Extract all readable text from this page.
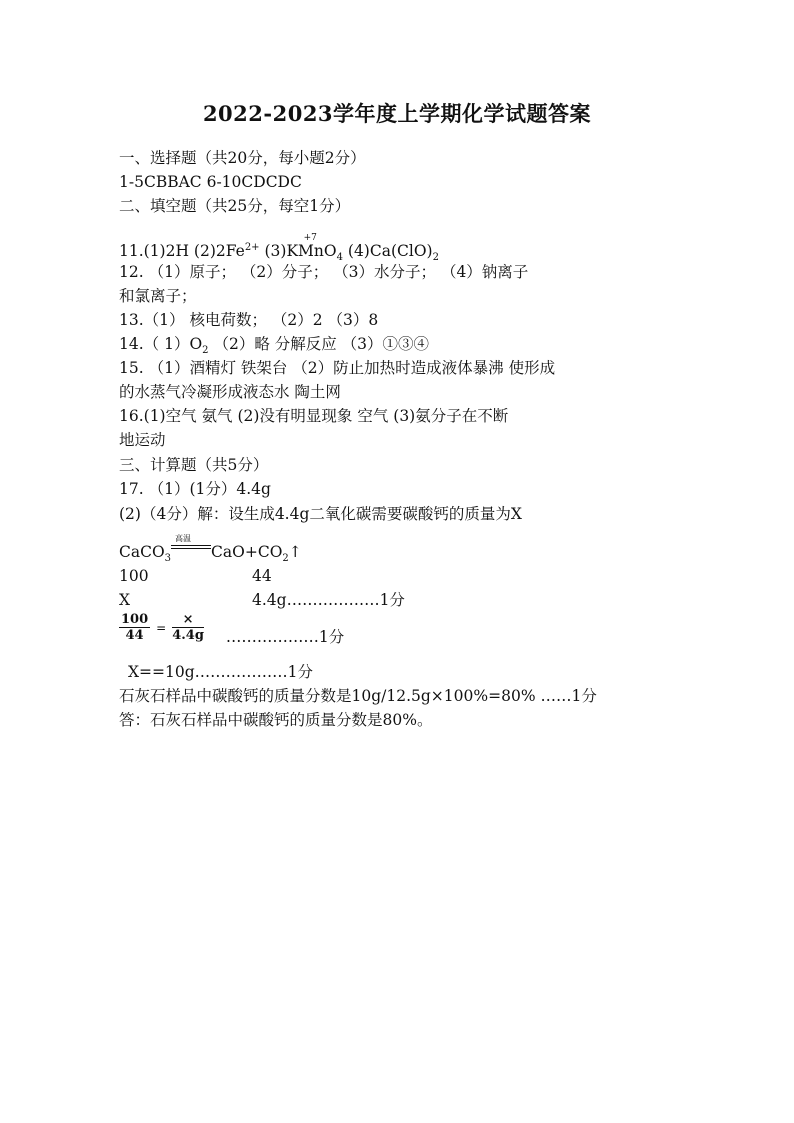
2022-2023学年度上学期化学试题答案
一、选择题（共20分，每小题2分）
1-5CBBAC 6-10CDCDC
二、填空题（共25分，每空1分）
11.(1)2H $(2)2Fe^{2+}$ (3)KMnO
+7
$_4$ $(4)Ca(ClO)_2$
12. （1）原子； （2）分子； （3）水分子； （4）钠离子
和氯离子；
13.（1） 核电荷数； （2）2 （3）8
14.（ $1)O_2$ （2）略 分解反应 （3）①③④
15. （1）酒精灯 铁架台 （2）防止加热时造成液体暴沸 使形成
的水蒸气冷凝形成液态水 陶土网
16.(1)空气 氨气 (2)没有明显现象 空气 (3)氨分子在不断
地运动
三、计算题（共5分）
17. （1）(1分）4.4g
(2)（4分）解：设生成4.4g二氧化碳需要碳酸钙的质量为X
CaCO$_3$
高温
$CaO+CO_2↑$
100	44
X	4.4g………………1分
$\frac{100}{44} = \frac{\times}{4.4g}$ ………………1分
X==10g………………1分
石灰石样品中碳酸钙的质量分数是10g/12.5g×100%=80% ……1分
答：石灰石样品中碳酸钙的质量分数是80%。
